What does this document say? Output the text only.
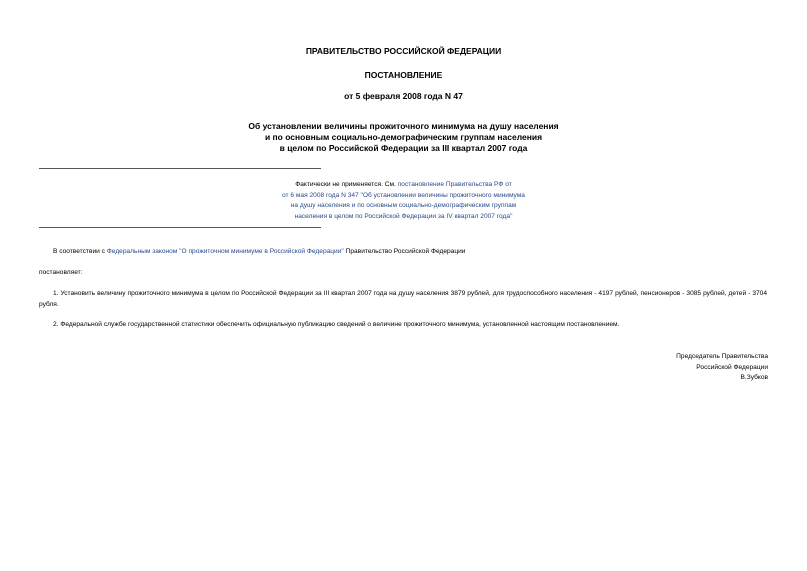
ПРАВИТЕЛЬСТВО РОССИЙСКОЙ ФЕДЕРАЦИИ
ПОСТАНОВЛЕНИЕ
от 5 февраля 2008 года N 47
Об установлении величины прожиточного минимума на душу населения
и по основным социально-демографическим группам населения
в целом по Российской Федерации за III квартал 2007 года
Фактически не применяется. См. постановление Правительства РФ от
от 6 мая 2008 года N 347 "Об установлении величины прожиточного минимума
на душу населения и по основным социально-демографическим группам
населения в целом по Российской Федерации за IV квартал 2007 года"
В соответствии с Федеральным законом "О прожиточном минимуме в Российской Федерации" Правительство Российской Федерации
постановляет:
1. Установить величину прожиточного минимума в целом по Российской Федерации за III квартал 2007 года на душу населения 3879 рублей, для трудоспособного населения - 4197 рублей, пенсионеров - 3085 рублей, детей - 3704 рубля.
2. Федеральной службе государственной статистики обеспечить официальную публикацию сведений о величине прожиточного минимума, установленной настоящим постановлением.
Председатель Правительства
Российской Федерации
В.Зубков
